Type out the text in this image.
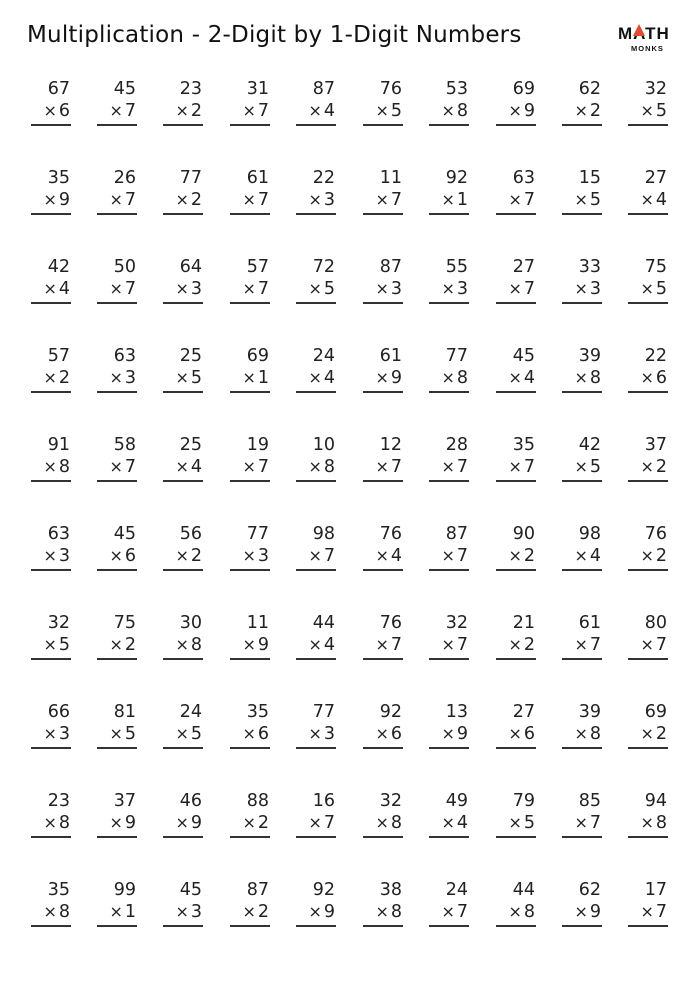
Multiplication - 2-Digit by 1-Digit Numbers	MATH
MONKS
67
× 6
45
× 7
23
× 2
31
× 7
87
× 4
76
× 5
53
× 8
69
× 9
62
× 2
32
× 5
35
× 9
26
× 7
77
× 2
61
× 7
22
× 3
11
× 7
92
× 1
63
× 7
15
× 5
27
× 4
42
× 4
50
× 7
64
× 3
57
× 7
72
× 5
87
× 3
55
× 3
27
× 7
33
× 3
75
× 5
57
× 2
63
× 3
25
× 5
69
× 1
24
× 4
61
× 9
77
× 8
45
× 4
39
× 8
22
× 6
91
× 8
58
× 7
25
× 4
19
× 7
10
× 8
12
× 7
28
× 7
35
× 7
42
× 5
37
× 2
63
× 3
45
× 6
56
× 2
77
× 3
98
× 7
76
× 4
87
× 7
90
× 2
98
× 4
76
× 2
32
× 5
75
× 2
30
× 8
11
× 9
44
× 4
76
× 7
32
× 7
21
× 2
61
× 7
80
× 7
66
× 3
81
× 5
24
× 5
35
× 6
77
× 3
92
× 6
13
× 9
27
× 6
39
× 8
69
× 2
23
× 8
37
× 9
46
× 9
88
× 2
16
× 7
32
× 8
49
× 4
79
× 5
85
× 7
94
× 8
35
× 8
99
× 1
45
× 3
87
× 2
92
× 9
38
× 8
24
× 7
44
× 8
62
× 9
17
× 7
